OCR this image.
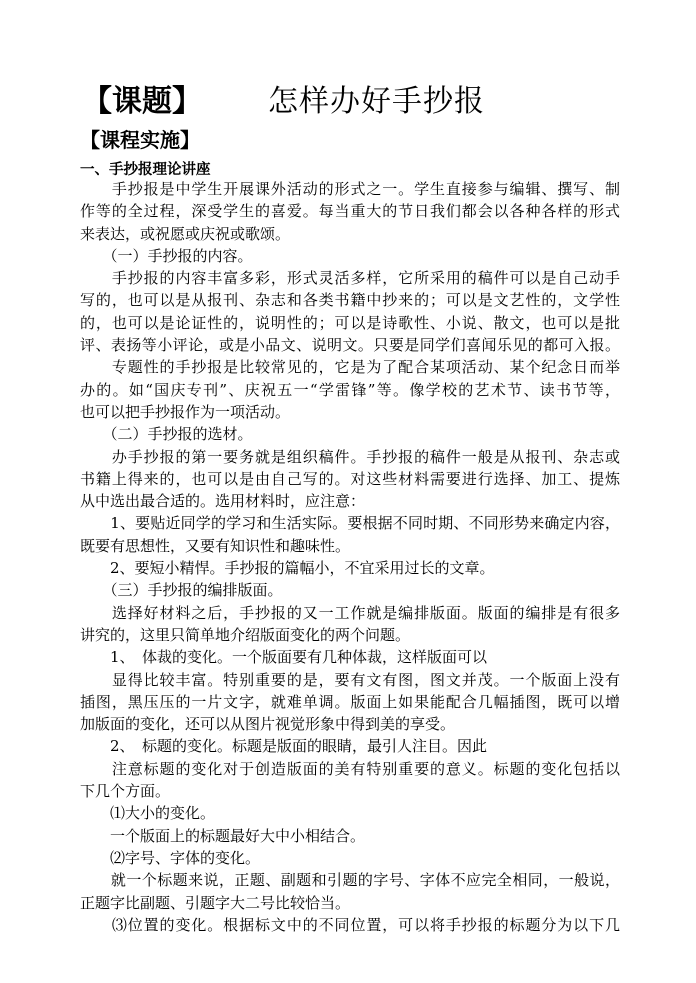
【课题】 怎样办好手抄报
【课程实施】
一、手抄报理论讲座
　　手抄报是中学生开展课外活动的形式之一。学生直接参与编辑、撰写、制
作等的全过程，深受学生的喜爱。每当重大的节日我们都会以各种各样的形式
来表达，或祝愿或庆祝或歌颂。
　　（一）手抄报的内容。
　　手抄报的内容丰富多彩，形式灵活多样，它所采用的稿件可以是自己动手
写的，也可以是从报刊、杂志和各类书籍中抄来的；可以是文艺性的，文学性
的，也可以是论证性的，说明性的；可以是诗歌性、小说、散文，也可以是批
评、表扬等小评论，或是小品文、说明文。只要是同学们喜闻乐见的都可入报。
　　专题性的手抄报是比较常见的，它是为了配合某项活动、某个纪念日而举
办的。如“国庆专刊”、庆祝五一“学雷锋”等。像学校的艺术节、读书节等，
也可以把手抄报作为一项活动。
　　（二）手抄报的选材。
　　办手抄报的第一要务就是组织稿件。手抄报的稿件一般是从报刊、杂志或
书籍上得来的，也可以是由自己写的。对这些材料需要进行选择、加工、提炼
从中选出最合适的。选用材料时，应注意：
　　1、要贴近同学的学习和生活实际。要根据不同时期、不同形势来确定内容，
既要有思想性，又要有知识性和趣味性。
　　2、要短小精悍。手抄报的篇幅小，不宜采用过长的文章。
　　（三）手抄报的编排版面。
　　选择好材料之后，手抄报的又一工作就是编排版面。版面的编排是有很多
讲究的，这里只简单地介绍版面变化的两个问题。
　　1、　体裁的变化。一个版面要有几种体裁，这样版面可以
　　显得比较丰富。特别重要的是，要有文有图，图文并茂。一个版面上没有
插图，黑压压的一片文字，就难单调。版面上如果能配合几幅插图，既可以增
加版面的变化，还可以从图片视觉形象中得到美的享受。
　　2、　标题的变化。标题是版面的眼睛，最引人注目。因此
　　注意标题的变化对于创造版面的美有特别重要的意义。标题的变化包括以
下几个方面。
　　⑴大小的变化。
　　一个版面上的标题最好大中小相结合。
　　⑵字号、字体的变化。
　　就一个标题来说，正题、副题和引题的字号、字体不应完全相同，一般说，
正题字比副题、引题字大二号比较恰当。
　　⑶位置的变化。根据标文中的不同位置，可以将手抄报的标题分为以下几
